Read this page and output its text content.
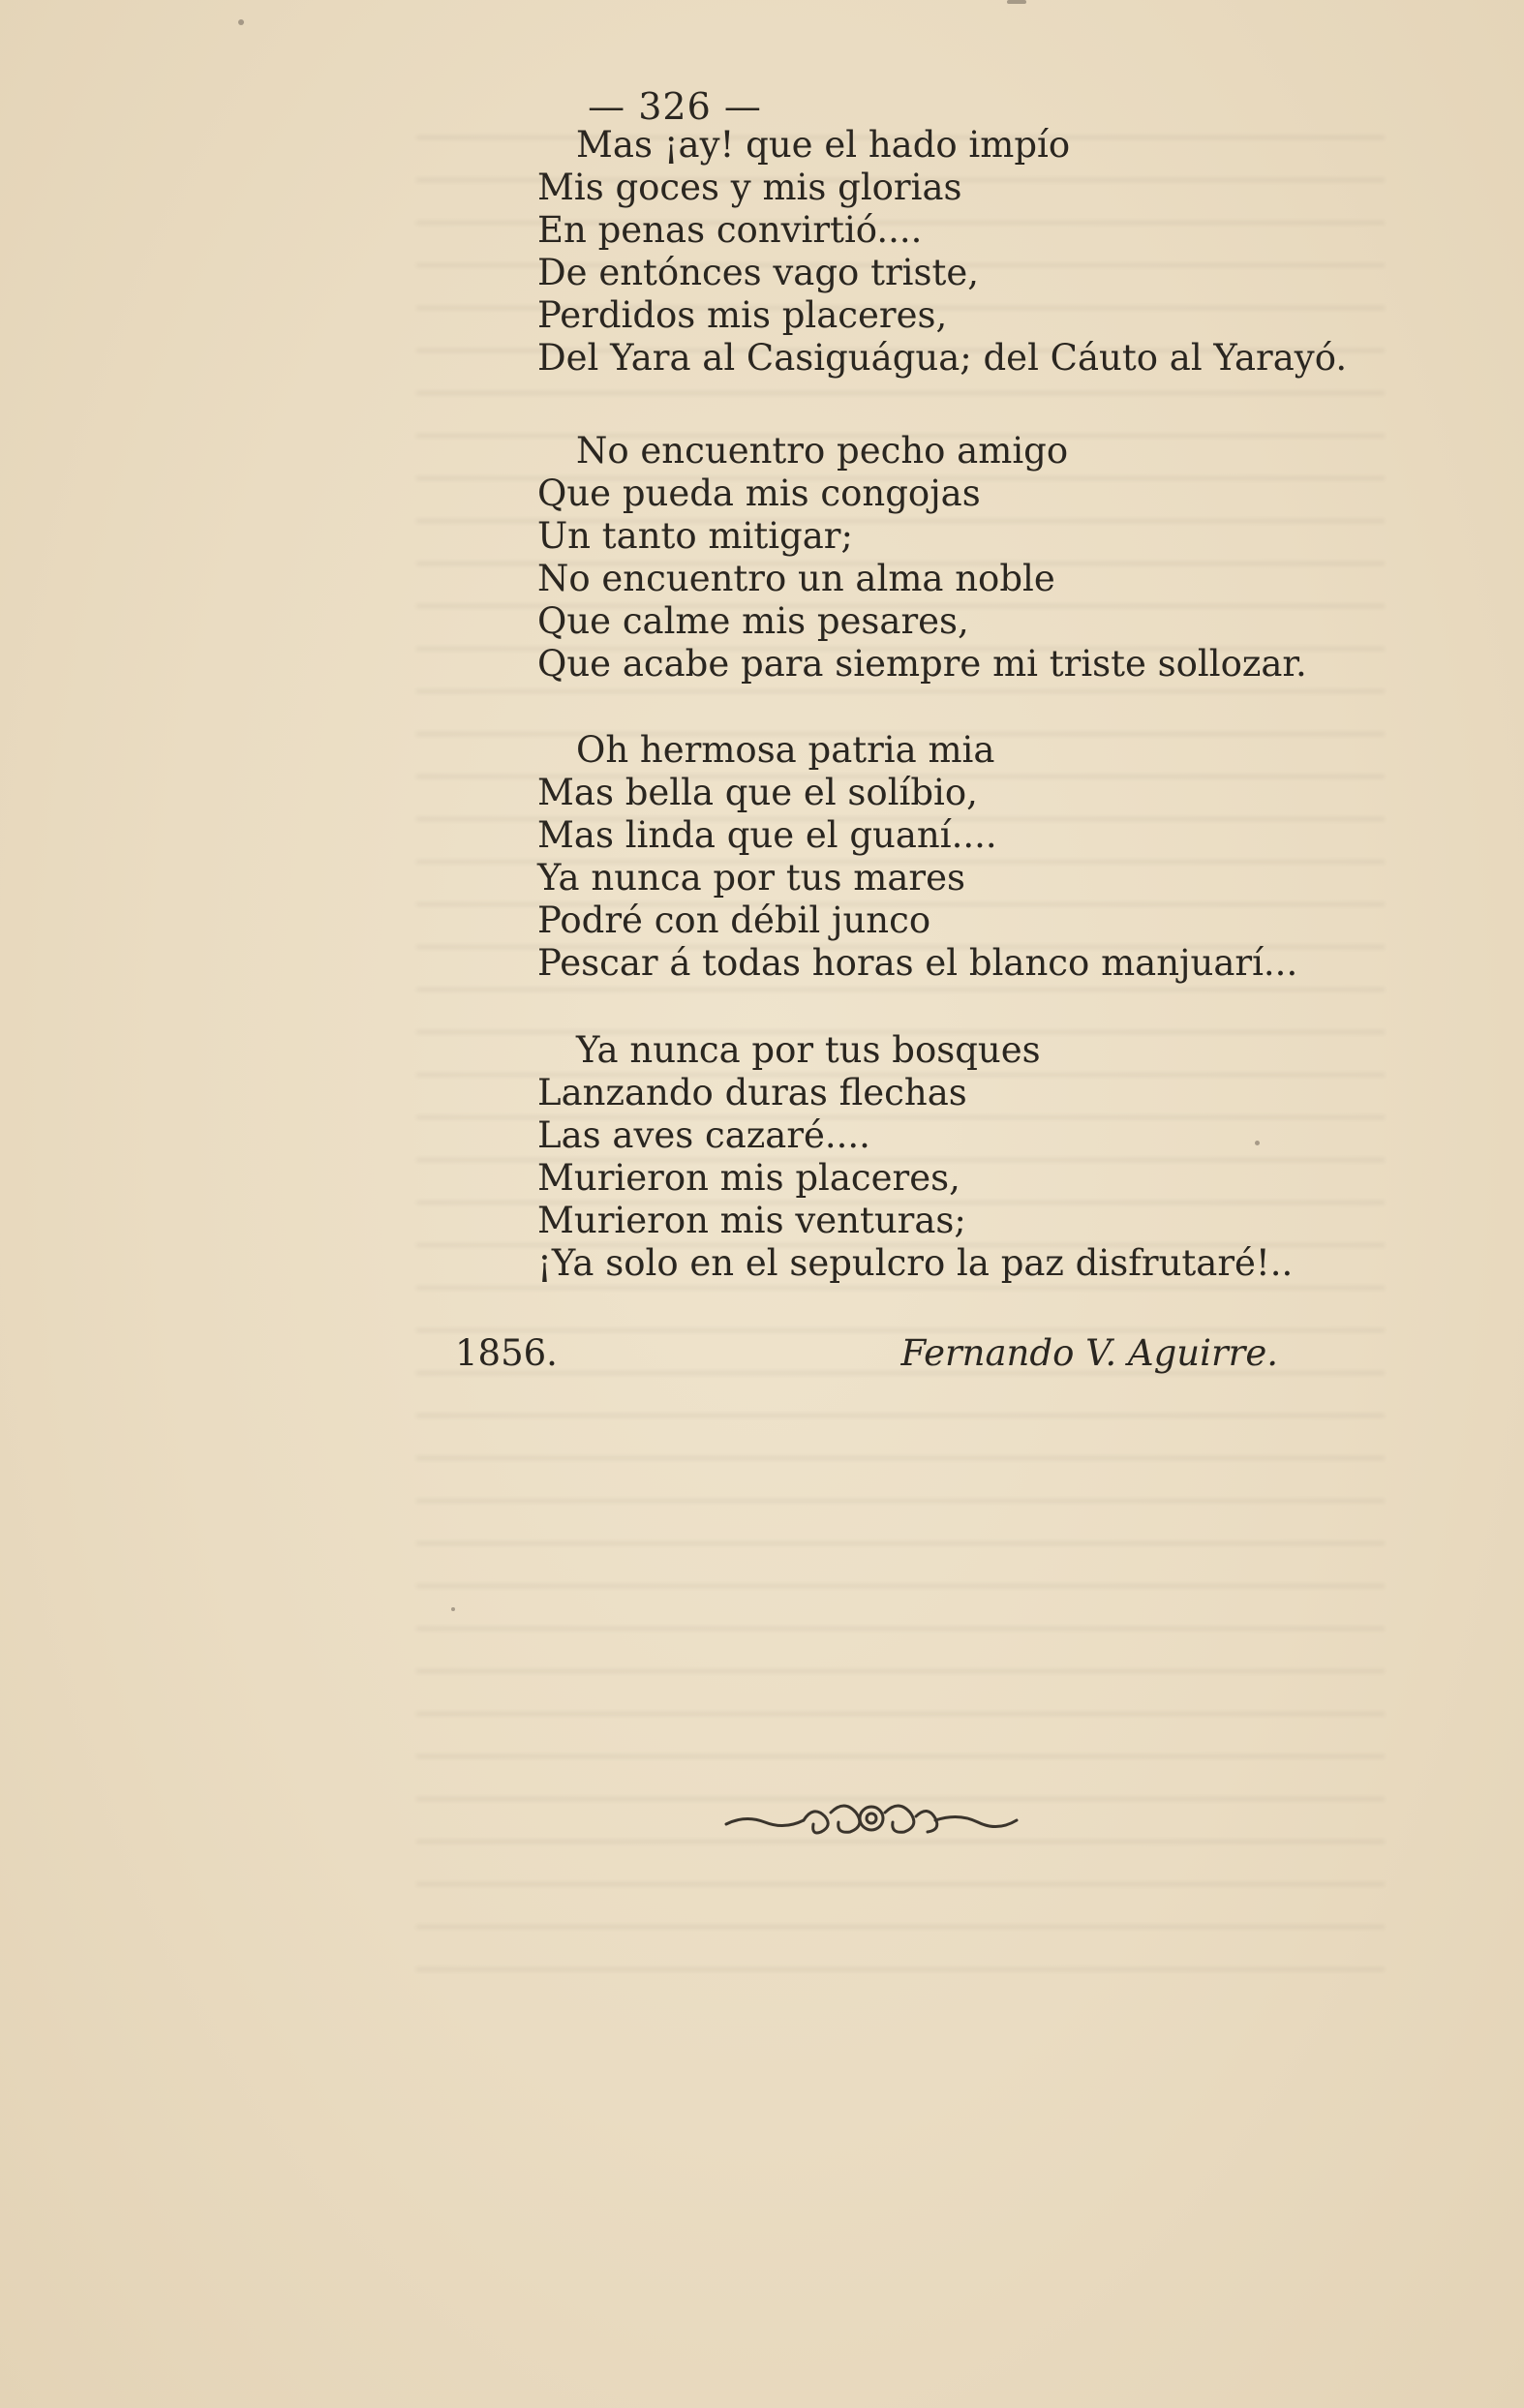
— 326 —
Mas ¡ay! que el hado impío
Mis goces y mis glorias
En penas convirtió....
De entónces vago triste,
Perdidos mis placeres,
Del Yara al Casiguágua; del Cáuto al Yarayó.
No encuentro pecho amigo
Que pueda mis congojas
Un tanto mitigar;
No encuentro un alma noble
Que calme mis pesares,
Que acabe para siempre mi triste sollozar.
Oh hermosa patria mia
Mas bella que el solíbio,
Mas linda que el guaní....
Ya nunca por tus mares
Podré con débil junco
Pescar á todas horas el blanco manjuarí...
Ya nunca por tus bosques
Lanzando duras flechas
Las aves cazaré....
Murieron mis placeres,
Murieron mis venturas;
¡Ya solo en el sepulcro la paz disfrutaré!..
1856.	Fernando V. Aguirre.
